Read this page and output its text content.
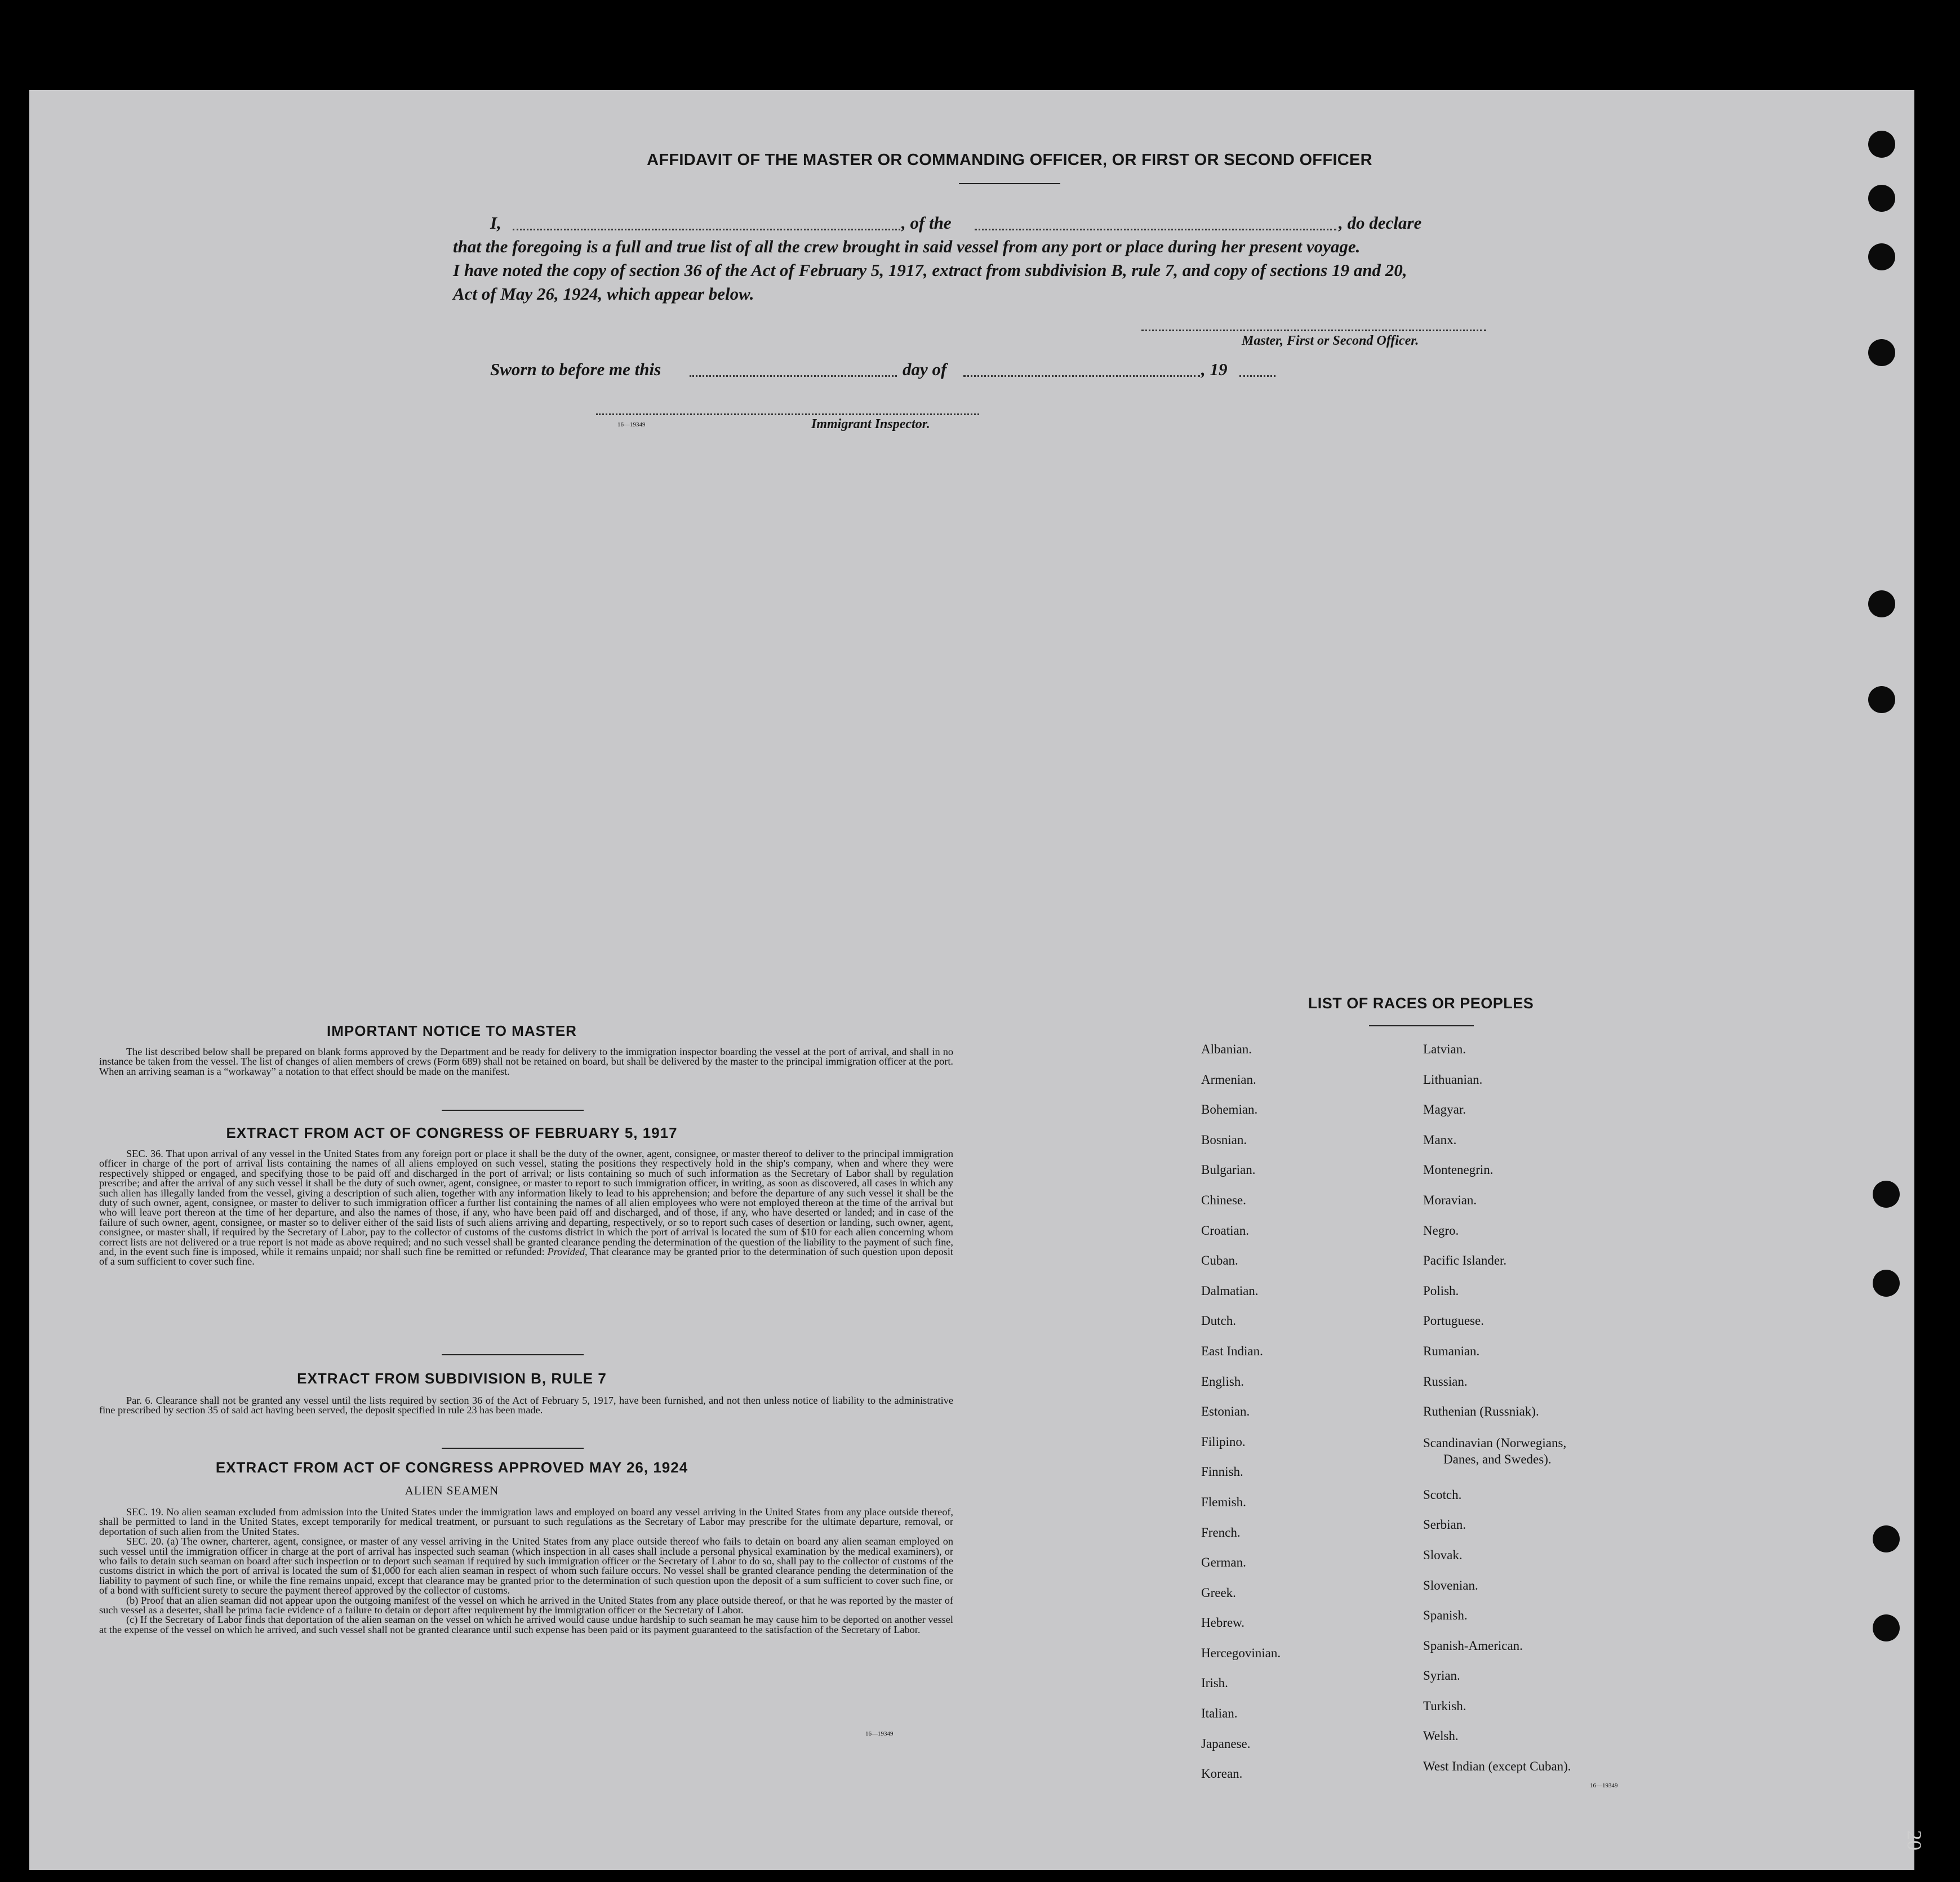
AFFIDAVIT OF THE MASTER OR COMMANDING OFFICER, OR FIRST OR SECOND OFFICER
I,	, of the	, do declare
that the foregoing is a full and true list of all the crew brought in said vessel from any port or place during her present voyage.
I have noted the copy of section 36 of the Act of February 5, 1917, extract from subdivision B, rule 7, and copy of sections 19 and 20,
Act of May 26, 1924, which appear below.
Master, First or Second Officer.
Sworn to before me this	day of	, 19
16—19349	Immigrant Inspector.
IMPORTANT NOTICE TO MASTER

The list described below shall be prepared on blank forms approved by the Department and be ready for delivery to the immigration inspector boarding the vessel at the port of arrival, and shall in no instance be taken from the vessel. The list of changes of alien members of crews (Form 689) shall not be retained on board, but shall be delivered by the master to the principal immigration officer at the port. When an arriving seaman is a “workaway” a notation to that effect should be made on the manifest.

EXTRACT FROM ACT OF CONGRESS OF FEBRUARY 5, 1917

SEC. 36. That upon arrival of any vessel in the United States from any foreign port or place it shall be the duty of the owner, agent, consignee, or master thereof to deliver to the principal immigration officer in charge of the port of arrival lists containing the names of all aliens employed on such vessel, stating the positions they respectively hold in the ship's company, when and where they were respectively shipped or engaged, and specifying those to be paid off and discharged in the port of arrival; or lists containing so much of such information as the Secretary of Labor shall by regulation prescribe; and after the arrival of any such vessel it shall be the duty of such owner, agent, consignee, or master to report to such immigration officer, in writing, as soon as discovered, all cases in which any such alien has illegally landed from the vessel, giving a description of such alien, together with any information likely to lead to his apprehension; and before the departure of any such vessel it shall be the duty of such owner, agent, consignee, or master to deliver to such immigration officer a further list containing the names of all alien employees who were not employed thereon at the time of the arrival but who will leave port thereon at the time of her departure, and also the names of those, if any, who have been paid off and discharged, and of those, if any, who have deserted or landed; and in case of the failure of such owner, agent, consignee, or master so to deliver either of the said lists of such aliens arriving and departing, respectively, or so to report such cases of desertion or landing, such owner, agent, consignee, or master shall, if required by the Secretary of Labor, pay to the collector of customs of the customs district in which the port of arrival is located the sum of $10 for each alien concerning whom correct lists are not delivered or a true report is not made as above required; and no such vessel shall be granted clearance pending the determination of the question of the liability to the payment of such fine, and, in the event such fine is imposed, while it remains unpaid; nor shall such fine be remitted or refunded: Provided, That clearance may be granted prior to the determination of such question upon deposit of a sum sufficient to cover such fine.

EXTRACT FROM SUBDIVISION B, RULE 7

Par. 6. Clearance shall not be granted any vessel until the lists required by section 36 of the Act of February 5, 1917, have been furnished, and not then unless notice of liability to the administrative fine prescribed by section 35 of said act having been served, the deposit specified in rule 23 has been made.

EXTRACT FROM ACT OF CONGRESS APPROVED MAY 26, 1924
ALIEN SEAMEN

SEC. 19. No alien seaman excluded from admission into the United States under the immigration laws and employed on board any vessel arriving in the United States from any place outside thereof, shall be permitted to land in the United States, except temporarily for medical treatment, or pursuant to such regulations as the Secretary of Labor may prescribe for the ultimate departure, removal, or deportation of such alien from the United States.

SEC. 20. (a) The owner, charterer, agent, consignee, or master of any vessel arriving in the United States from any place outside thereof who fails to detain on board any alien seaman employed on such vessel until the immigration officer in charge at the port of arrival has inspected such seaman (which inspection in all cases shall include a personal physical examination by the medical examiners), or who fails to detain such seaman on board after such inspection or to deport such seaman if required by such immigration officer or the Secretary of Labor to do so, shall pay to the collector of customs of the customs district in which the port of arrival is located the sum of $1,000 for each alien seaman in respect of whom such failure occurs. No vessel shall be granted clearance pending the determination of the liability to payment of such fine, or while the fine remains unpaid, except that clearance may be granted prior to the determination of such question upon the deposit of a sum sufficient to cover such fine, or of a bond with sufficient surety to secure the payment thereof approved by the collector of customs.

(b) Proof that an alien seaman did not appear upon the outgoing manifest of the vessel on which he arrived in the United States from any place outside thereof, or that he was reported by the master of such vessel as a deserter, shall be prima facie evidence of a failure to detain or deport after requirement by the immigration officer or the Secretary of Labor.

(c) If the Secretary of Labor finds that deportation of the alien seaman on the vessel on which he arrived would cause undue hardship to such seaman he may cause him to be deported on another vessel at the expense of the vessel on which he arrived, and such vessel shall not be granted clearance until such expense has been paid or its payment guaranteed to the satisfaction of the Secretary of Labor.

16—19349
LIST OF RACES OR PEOPLES
Albanian.
Armenian.
Bohemian.
Bosnian.
Bulgarian.
Chinese.
Croatian.
Cuban.
Dalmatian.
Dutch.
East Indian.
English.
Estonian.
Filipino.
Finnish.
Flemish.
French.
German.
Greek.
Hebrew.
Hercegovinian.
Irish.
Italian.
Japanese.
Korean.
Latvian.
Lithuanian.
Magyar.
Manx.
Montenegrin.
Moravian.
Negro.
Pacific Islander.
Polish.
Portuguese.
Rumanian.
Russian.
Ruthenian (Russniak).
Scandinavian (Norwegians,
Danes, and Swedes).
Scotch.
Serbian.
Slovak.
Slovenian.
Spanish.
Spanish-American.
Syrian.
Turkish.
Welsh.
West Indian (except Cuban).
16—19349
20
